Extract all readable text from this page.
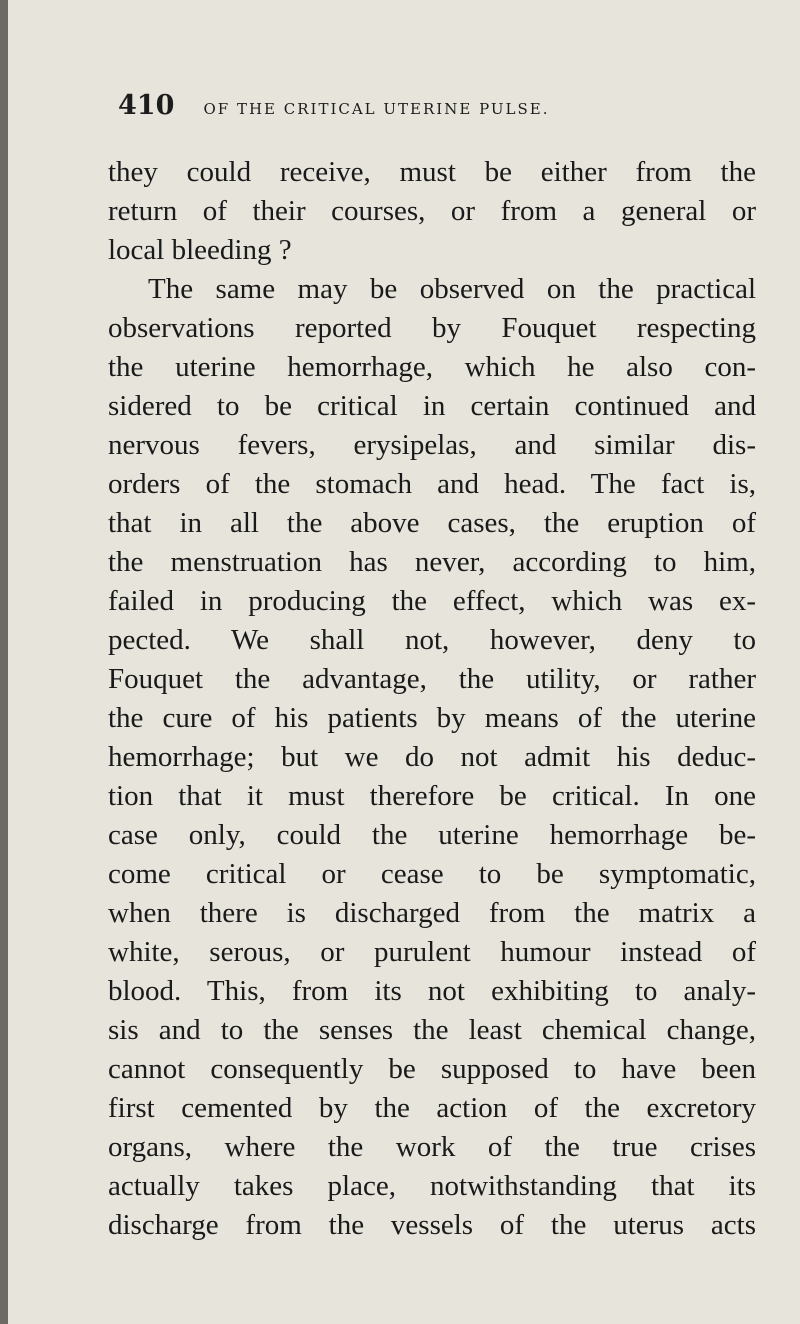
410 OF THE CRITICAL UTERINE PULSE.
they could receive, must be either from the
return of their courses, or from a general or
local bleeding ?
The same may be observed on the practical
observations reported by Fouquet respecting
the uterine hemorrhage, which he also con-
sidered to be critical in certain continued and
nervous fevers, erysipelas, and similar dis-
orders of the stomach and head. The fact is,
that in all the above cases, the eruption of
the menstruation has never, according to him,
failed in producing the effect, which was ex-
pected. We shall not, however, deny to
Fouquet the advantage, the utility, or rather
the cure of his patients by means of the uterine
hemorrhage; but we do not admit his deduc-
tion that it must therefore be critical. In one
case only, could the uterine hemorrhage be-
come critical or cease to be symptomatic,
when there is discharged from the matrix a
white, serous, or purulent humour instead of
blood. This, from its not exhibiting to analy-
sis and to the senses the least chemical change,
cannot consequently be supposed to have been
first cemented by the action of the excretory
organs, where the work of the true crises
actually takes place, notwithstanding that its
discharge from the vessels of the uterus acts
